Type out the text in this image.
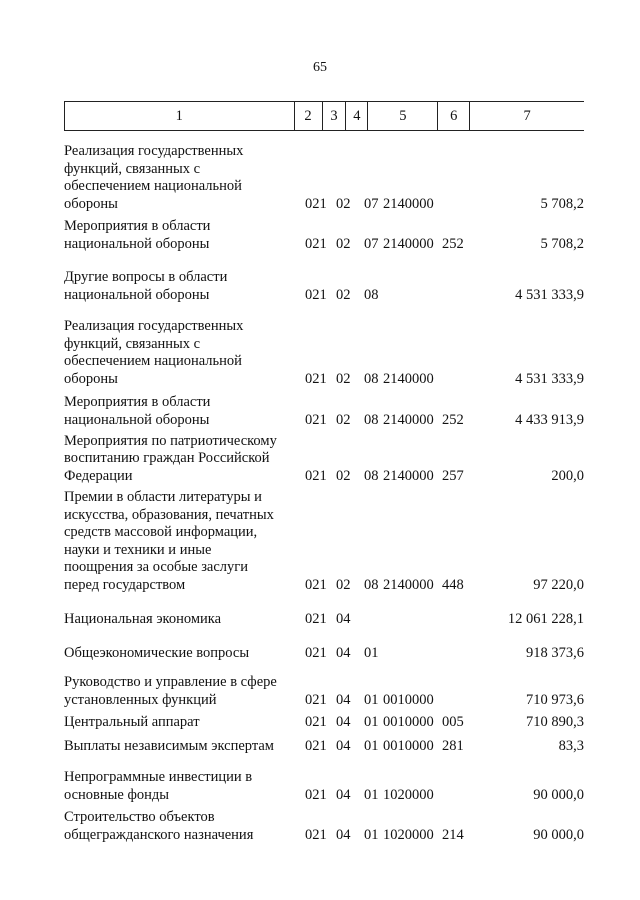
65
1	2	3	4	5	6	7
Реализация государственных
функций, связанных с
обеспечением национальной
обороны	021 02 07 2140000	5 708,2
Мероприятия в области
национальной обороны	021 02 07 2140000 252	5 708,2
Другие вопросы в области
национальной обороны	021 02 08	4 531 333,9
Реализация государственных
функций, связанных с
обеспечением национальной
обороны	021 02 08 2140000	4 531 333,9
Мероприятия в области
национальной обороны	021 02 08 2140000 252	4 433 913,9
Мероприятия по патриотическому
воспитанию граждан Российской
Федерации	021 02 08 2140000 257	200,0
Премии в области литературы и
искусства, образования, печатных
средств массовой информации,
науки и техники и иные
поощрения за особые заслуги
перед государством	021 02 08 2140000 448	97 220,0
Национальная экономика	021 04	12 061 228,1
Общеэкономические вопросы	021 04 01	918 373,6
Руководство и управление в сфере
установленных функций	021 04 01 0010000	710 973,6
Центральный аппарат	021 04 01 0010000 005	710 890,3
Выплаты независимым экспертам	021 04 01 0010000 281	83,3
Непрограммные инвестиции в
основные фонды	021 04 01 1020000	90 000,0
Строительство объектов
общегражданского назначения	021 04 01 1020000 214	90 000,0
